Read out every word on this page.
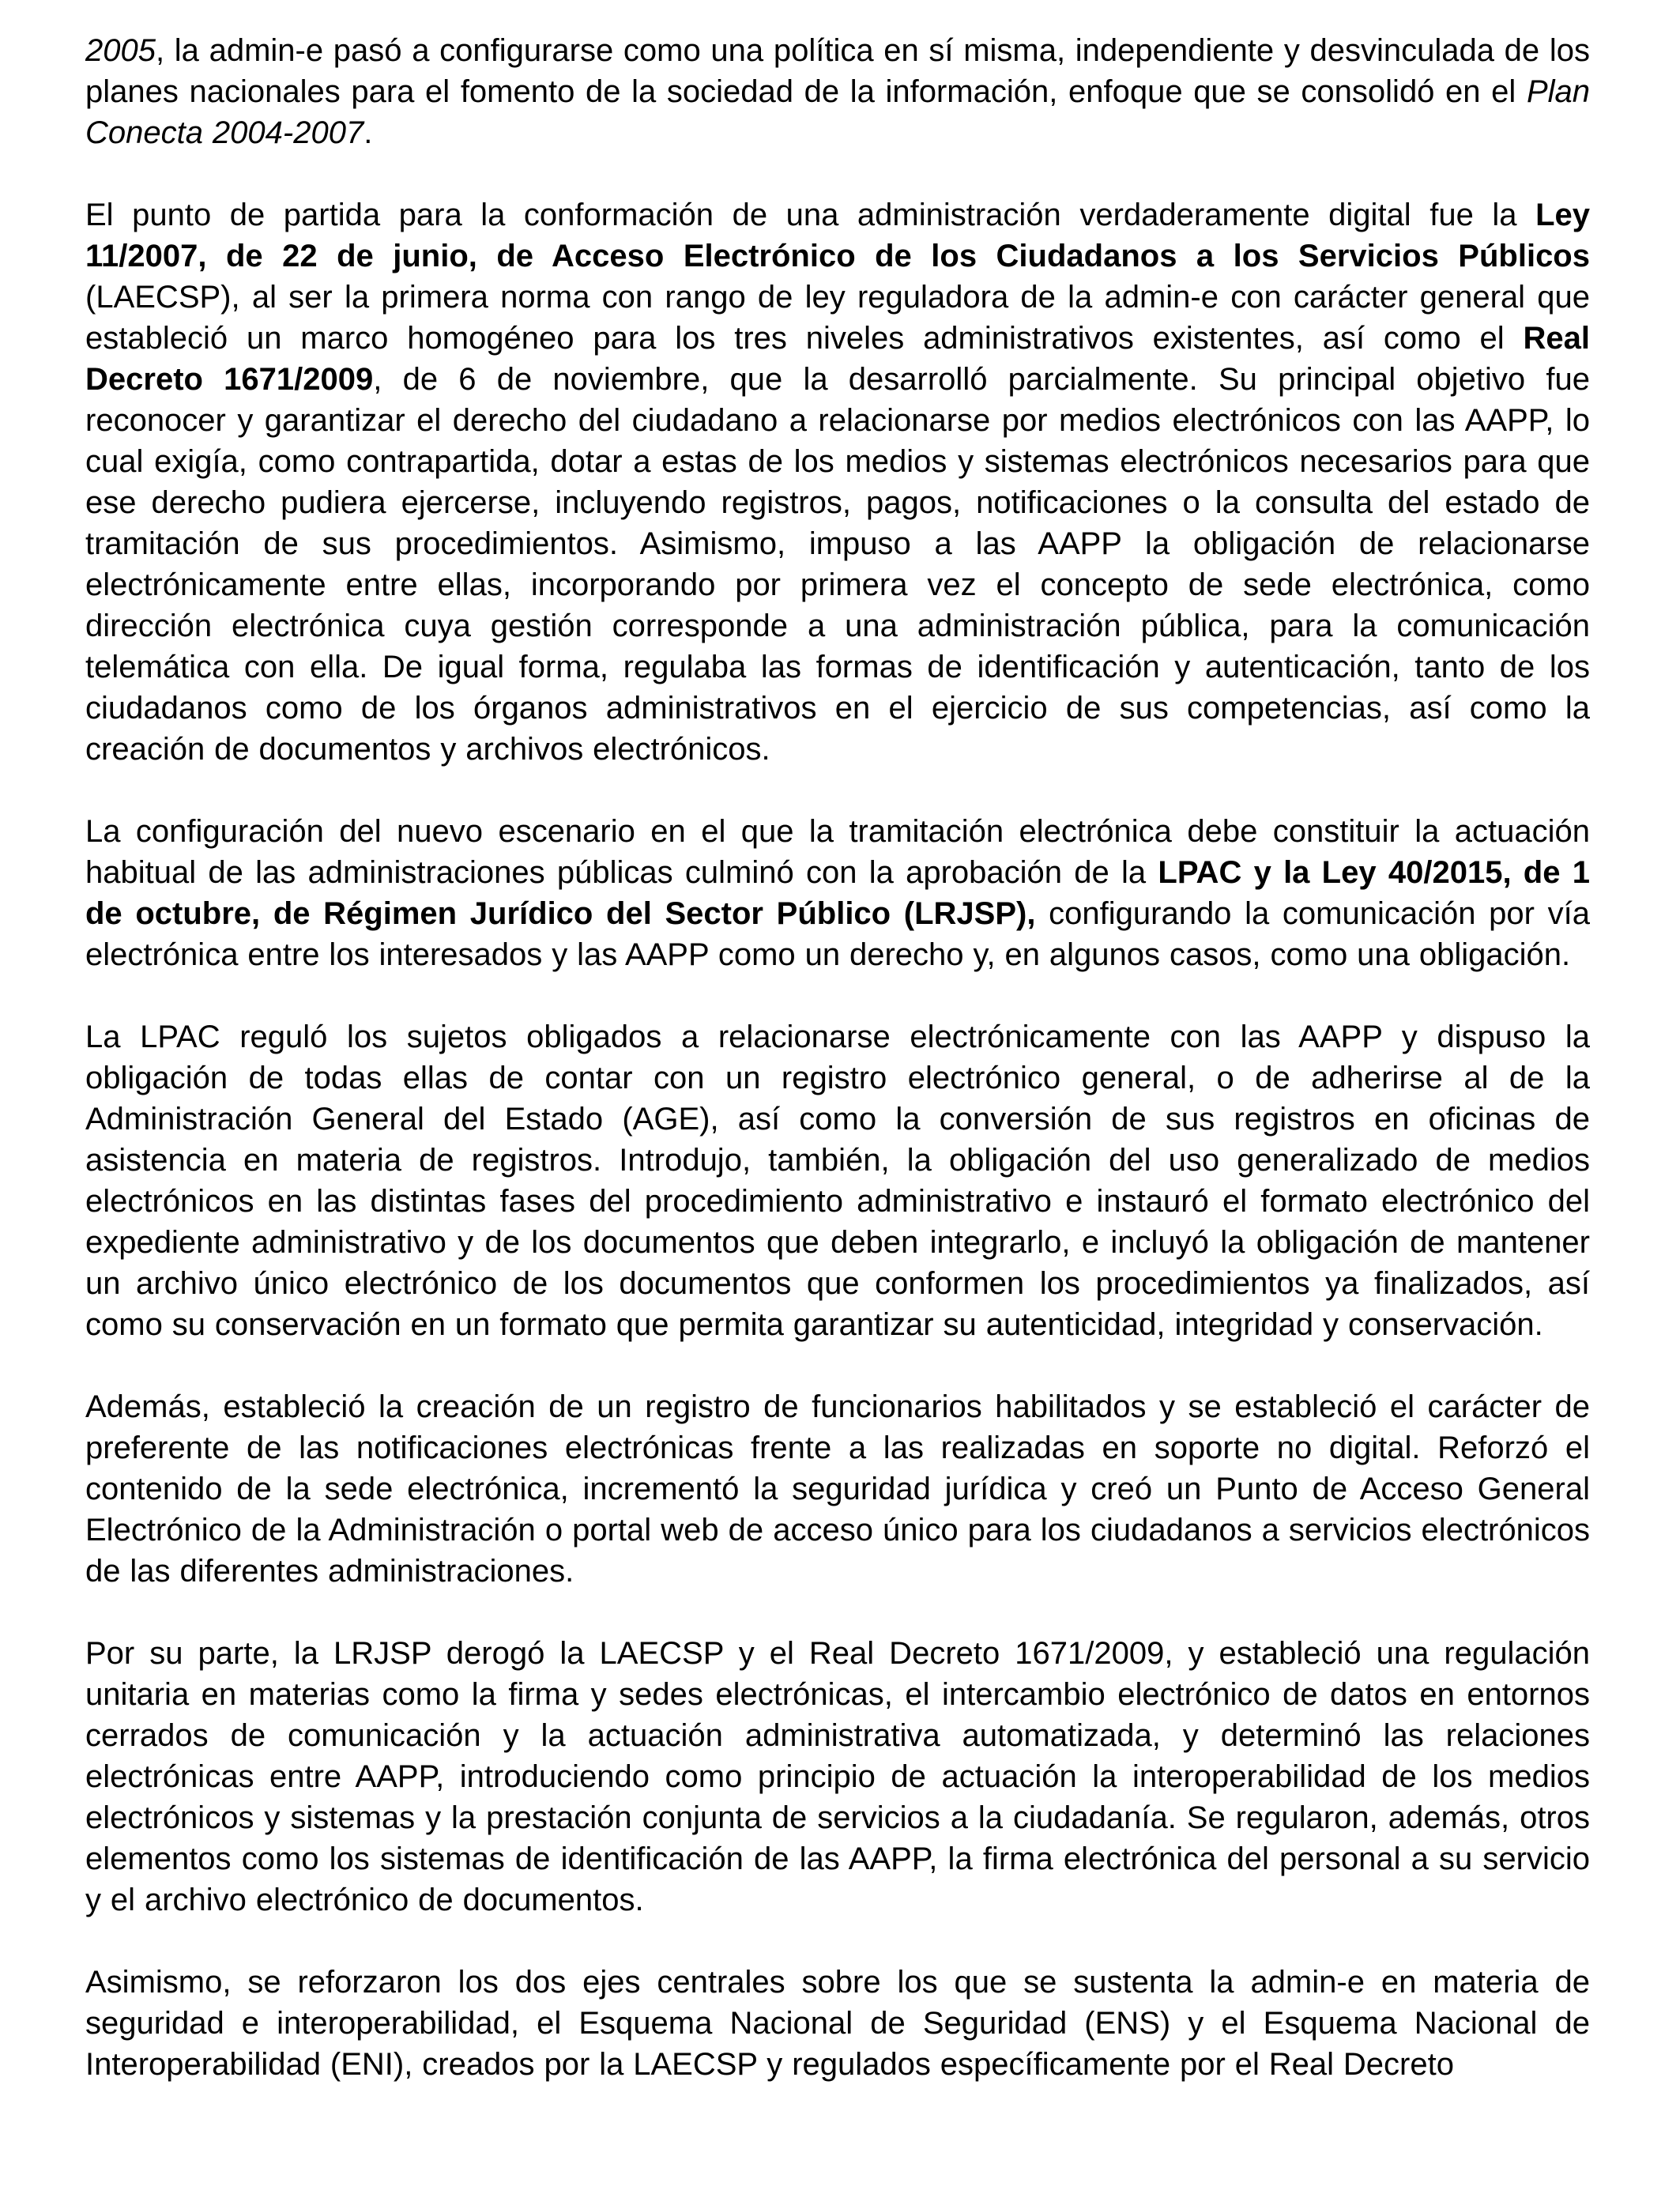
2005, la admin-e pasó a configurarse como una política en sí misma, independiente y desvinculada de los planes nacionales para el fomento de la sociedad de la información, enfoque que se consolidó en el Plan Conecta 2004-2007.

El punto de partida para la conformación de una administración verdaderamente digital fue la Ley 11/2007, de 22 de junio, de Acceso Electrónico de los Ciudadanos a los Servicios Públicos (LAECSP), al ser la primera norma con rango de ley reguladora de la admin-e con carácter general que estableció un marco homogéneo para los tres niveles administrativos existentes, así como el Real Decreto 1671/2009, de 6 de noviembre, que la desarrolló parcialmente. Su principal objetivo fue reconocer y garantizar el derecho del ciudadano a relacionarse por medios electrónicos con las AAPP, lo cual exigía, como contrapartida, dotar a estas de los medios y sistemas electrónicos necesarios para que ese derecho pudiera ejercerse, incluyendo registros, pagos, notificaciones o la consulta del estado de tramitación de sus procedimientos. Asimismo, impuso a las AAPP la obligación de relacionarse electrónicamente entre ellas, incorporando por primera vez el concepto de sede electrónica, como dirección electrónica cuya gestión corresponde a una administración pública, para la comunicación telemática con ella. De igual forma, regulaba las formas de identificación y autenticación, tanto de los ciudadanos como de los órganos administrativos en el ejercicio de sus competencias, así como la creación de documentos y archivos electrónicos.

La configuración del nuevo escenario en el que la tramitación electrónica debe constituir la actuación habitual de las administraciones públicas culminó con la aprobación de la LPAC y la Ley 40/2015, de 1 de octubre, de Régimen Jurídico del Sector Público (LRJSP), configurando la comunicación por vía electrónica entre los interesados y las AAPP como un derecho y, en algunos casos, como una obligación.

La LPAC reguló los sujetos obligados a relacionarse electrónicamente con las AAPP y dispuso la obligación de todas ellas de contar con un registro electrónico general, o de adherirse al de la Administración General del Estado (AGE), así como la conversión de sus registros en oficinas de asistencia en materia de registros. Introdujo, también, la obligación del uso generalizado de medios electrónicos en las distintas fases del procedimiento administrativo e instauró el formato electrónico del expediente administrativo y de los documentos que deben integrarlo, e incluyó la obligación de mantener un archivo único electrónico de los documentos que conformen los procedimientos ya finalizados, así como su conservación en un formato que permita garantizar su autenticidad, integridad y conservación.

Además, estableció la creación de un registro de funcionarios habilitados y se estableció el carácter de preferente de las notificaciones electrónicas frente a las realizadas en soporte no digital. Reforzó el contenido de la sede electrónica, incrementó la seguridad jurídica y creó un Punto de Acceso General Electrónico de la Administración o portal web de acceso único para los ciudadanos a servicios electrónicos de las diferentes administraciones.

Por su parte, la LRJSP derogó la LAECSP y el Real Decreto 1671/2009, y estableció una regulación unitaria en materias como la firma y sedes electrónicas, el intercambio electrónico de datos en entornos cerrados de comunicación y la actuación administrativa automatizada, y determinó las relaciones electrónicas entre AAPP, introduciendo como principio de actuación la interoperabilidad de los medios electrónicos y sistemas y la prestación conjunta de servicios a la ciudadanía. Se regularon, además, otros elementos como los sistemas de identificación de las AAPP, la firma electrónica del personal a su servicio y el archivo electrónico de documentos.

Asimismo, se reforzaron los dos ejes centrales sobre los que se sustenta la admin-e en materia de seguridad e interoperabilidad, el Esquema Nacional de Seguridad (ENS) y el Esquema Nacional de Interoperabilidad (ENI), creados por la LAECSP y regulados específicamente por el Real Decreto
